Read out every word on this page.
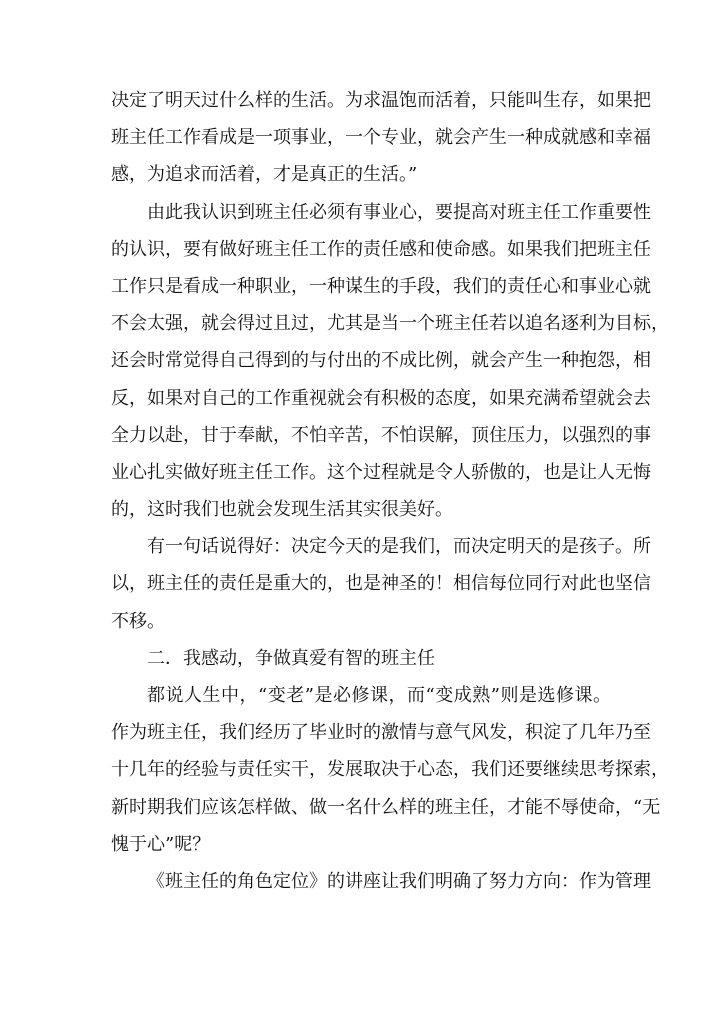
决定了明天过什么样的生活。为求温饱而活着，只能叫生存，如果把
班主任工作看成是一项事业，一个专业，就会产生一种成就感和幸福
感，为追求而活着，才是真正的生活。”
由此我认识到班主任必须有事业心，要提高对班主任工作重要性
的认识，要有做好班主任工作的责任感和使命感。如果我们把班主任
工作只是看成一种职业，一种谋生的手段，我们的责任心和事业心就
不会太强，就会得过且过，尤其是当一个班主任若以追名逐利为目标，
还会时常觉得自己得到的与付出的不成比例，就会产生一种抱怨，相
反，如果对自己的工作重视就会有积极的态度，如果充满希望就会去
全力以赴，甘于奉献，不怕辛苦，不怕误解，顶住压力，以强烈的事
业心扎实做好班主任工作。这个过程就是令人骄傲的，也是让人无悔
的，这时我们也就会发现生活其实很美好。
有一句话说得好：决定今天的是我们，而决定明天的是孩子。所
以，班主任的责任是重大的，也是神圣的！相信每位同行对此也坚信
不移。
二．我感动，争做真爱有智的班主任
都说人生中，“变老”是必修课，而“变成熟”则是选修课。
作为班主任，我们经历了毕业时的激情与意气风发，积淀了几年乃至
十几年的经验与责任实干，发展取决于心态，我们还要继续思考探索，
新时期我们应该怎样做、做一名什么样的班主任，才能不辱使命，“无
愧于心”呢？
《班主任的角色定位》的讲座让我们明确了努力方向：作为管理
